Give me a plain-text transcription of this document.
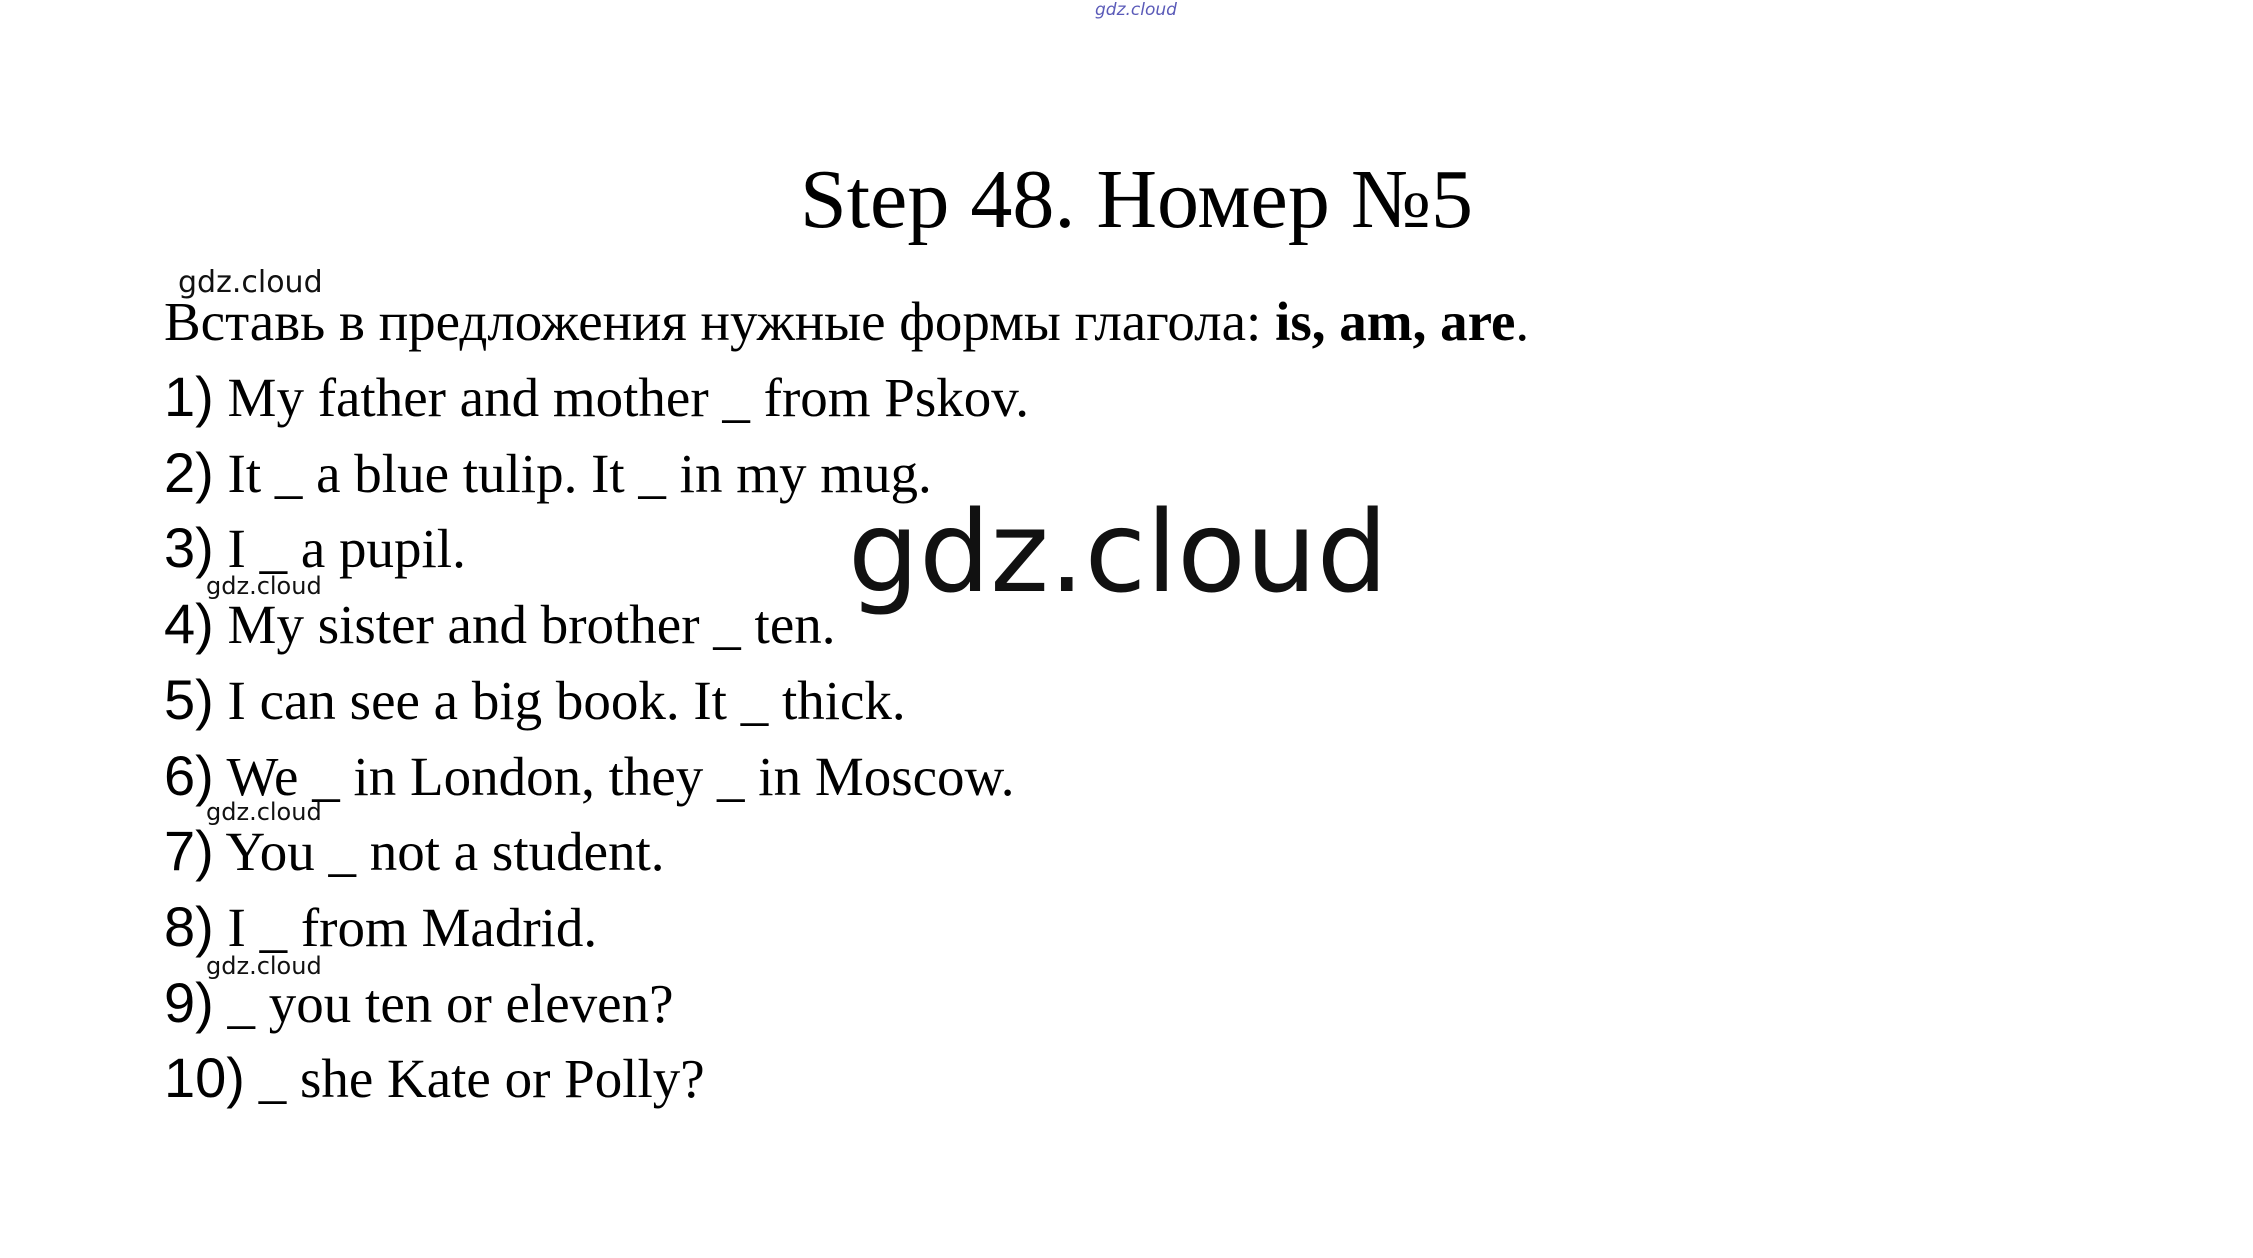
gdz.cloud
Step 48. Номер №5
gdz.cloud
Вставь в предложения нужные формы глагола: is, am, are.
1) My father and mother _ from Pskov.
2) It _ a blue tulip. It _ in my mug.
3) I _ a pupil.
4) My sister and brother _ ten.
5) I can see a big book. It _ thick.
6) We _ in London, they _ in Moscow.
7) You _ not a student.
8) I _ from Madrid.
9) _ you ten or eleven?
10) _ she Kate or Polly?
gdz.cloud
gdz.cloud
gdz.cloud
gdz.cloud
